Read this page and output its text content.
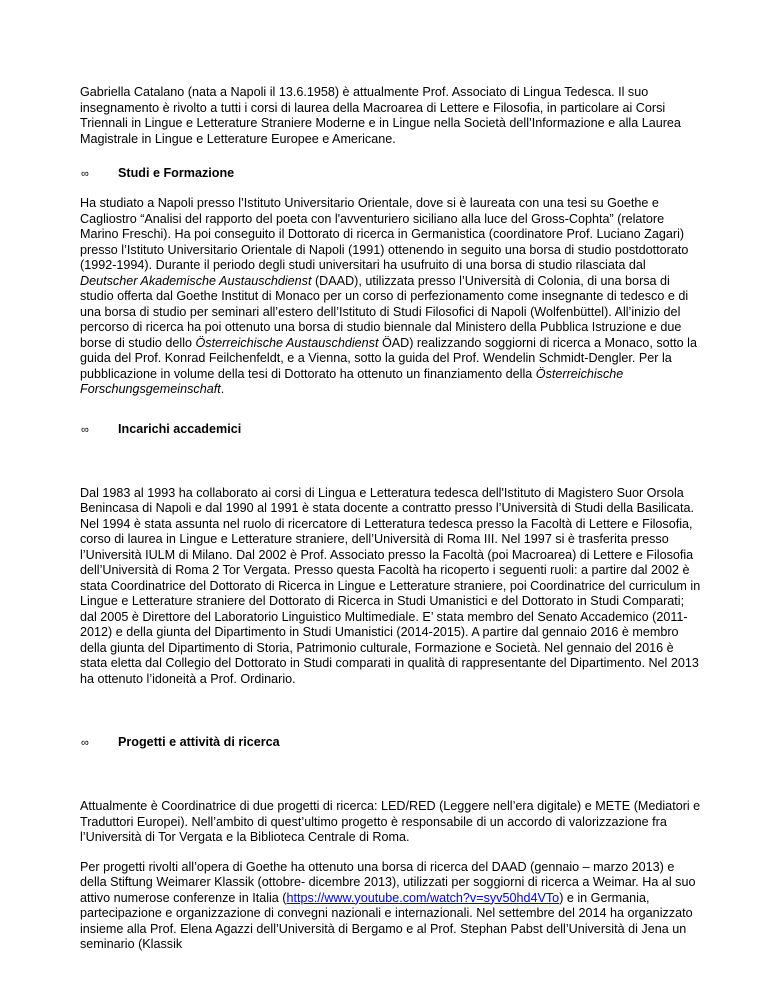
Gabriella Catalano (nata a Napoli il 13.6.1958) è attualmente Prof. Associato di Lingua Tedesca. Il suo insegnamento è rivolto a tutti i corsi di laurea della Macroarea di Lettere e Filosofia, in particolare ai Corsi Triennali in Lingue e Letterature Straniere Moderne e in Lingue nella Società dell’Informazione e alla Laurea Magistrale in Lingue e Letterature Europee e Americane.

∞	Studi e Formazione

Ha studiato a Napoli presso l’Istituto Universitario Orientale, dove si è laureata con una tesi su Goethe e Cagliostro “Analisi del rapporto del poeta con l'avventuriero siciliano alla luce del Gross-Cophta” (relatore Marino Freschi). Ha poi conseguito il Dottorato di ricerca in Germanistica (coordinatore Prof. Luciano Zagari) presso l’Istituto Universitario Orientale di Napoli (1991) ottenendo in seguito una borsa di studio postdottorato (1992-1994). Durante il periodo degli studi universitari ha usufruito di una borsa di studio rilasciata dal Deutscher Akademische Austauschdienst (DAAD), utilizzata presso l’Università di Colonia, di una borsa di studio offerta dal Goethe Institut di Monaco per un corso di perfezionamento come insegnante di tedesco e di una borsa di studio per seminari all’estero dell’Istituto di Studi Filosofici di Napoli (Wolfenbüttel). All’inizio del percorso di ricerca ha poi ottenuto una borsa di studio biennale dal Ministero della Pubblica Istruzione e due borse di studio dello Österreichische Austauschdienst ÖAD) realizzando soggiorni di ricerca a Monaco, sotto la guida del Prof. Konrad Feilchenfeldt, e a Vienna, sotto la guida del Prof. Wendelin Schmidt-Dengler. Per la pubblicazione in volume della tesi di Dottorato ha ottenuto un finanziamento della Österreichische Forschungsgemeinschaft.

∞	Incarichi accademici

Dal 1983 al 1993 ha collaborato ai corsi di Lingua e Letteratura tedesca dell'Istituto di Magistero Suor Orsola Benincasa di Napoli e dal 1990 al 1991 è stata docente a contratto presso l’Università di Studi della Basilicata. Nel 1994 è stata assunta nel ruolo di ricercatore di Letteratura tedesca presso la Facoltà di Lettere e Filosofia, corso di laurea in Lingue e Letterature straniere, dell’Università di Roma III. Nel 1997 si è trasferita presso l’Università IULM di Milano. Dal 2002 è Prof. Associato presso la Facoltà (poi Macroarea) di Lettere e Filosofia dell’Università di Roma 2 Tor Vergata. Presso questa Facoltà ha ricoperto i seguenti ruoli: a partire dal 2002 è stata Coordinatrice del Dottorato di Ricerca in Lingue e Letterature straniere, poi Coordinatrice del curriculum in Lingue e Letterature straniere del Dottorato di Ricerca in Studi Umanistici e del Dottorato in Studi Comparati; dal 2005 è Direttore del Laboratorio Linguistico Multimediale. E’ stata membro del Senato Accademico (2011-2012) e della giunta del Dipartimento in Studi Umanistici (2014-2015). A partire dal gennaio 2016 è membro della giunta del Dipartimento di Storia, Patrimonio culturale, Formazione e Società. Nel gennaio del 2016 è stata eletta dal Collegio del Dottorato in Studi comparati in qualità di rappresentante del Dipartimento. Nel 2013 ha ottenuto l’idoneità a Prof. Ordinario.

∞	Progetti e attività di ricerca

Attualmente è Coordinatrice di due progetti di ricerca: LED/RED (Leggere nell’era digitale) e METE (Mediatori e Traduttori Europei). Nell’ambito di quest’ultimo progetto è responsabile di un accordo di valorizzazione fra l’Università di Tor Vergata e la Biblioteca Centrale di Roma.

Per progetti rivolti all’opera di Goethe ha ottenuto una borsa di ricerca del DAAD (gennaio – marzo 2013) e della Stiftung Weimarer Klassik (ottobre- dicembre 2013), utilizzati per soggiorni di ricerca a Weimar. Ha al suo attivo numerose conferenze in Italia (https://www.youtube.com/watch?v=syv50hd4VTo) e in Germania, partecipazione e organizzazione di convegni nazionali e internazionali. Nel settembre del 2014 ha organizzato insieme alla Prof. Elena Agazzi dell’Università di Bergamo e al Prof. Stephan Pabst dell’Università di Jena un seminario (Klassik
